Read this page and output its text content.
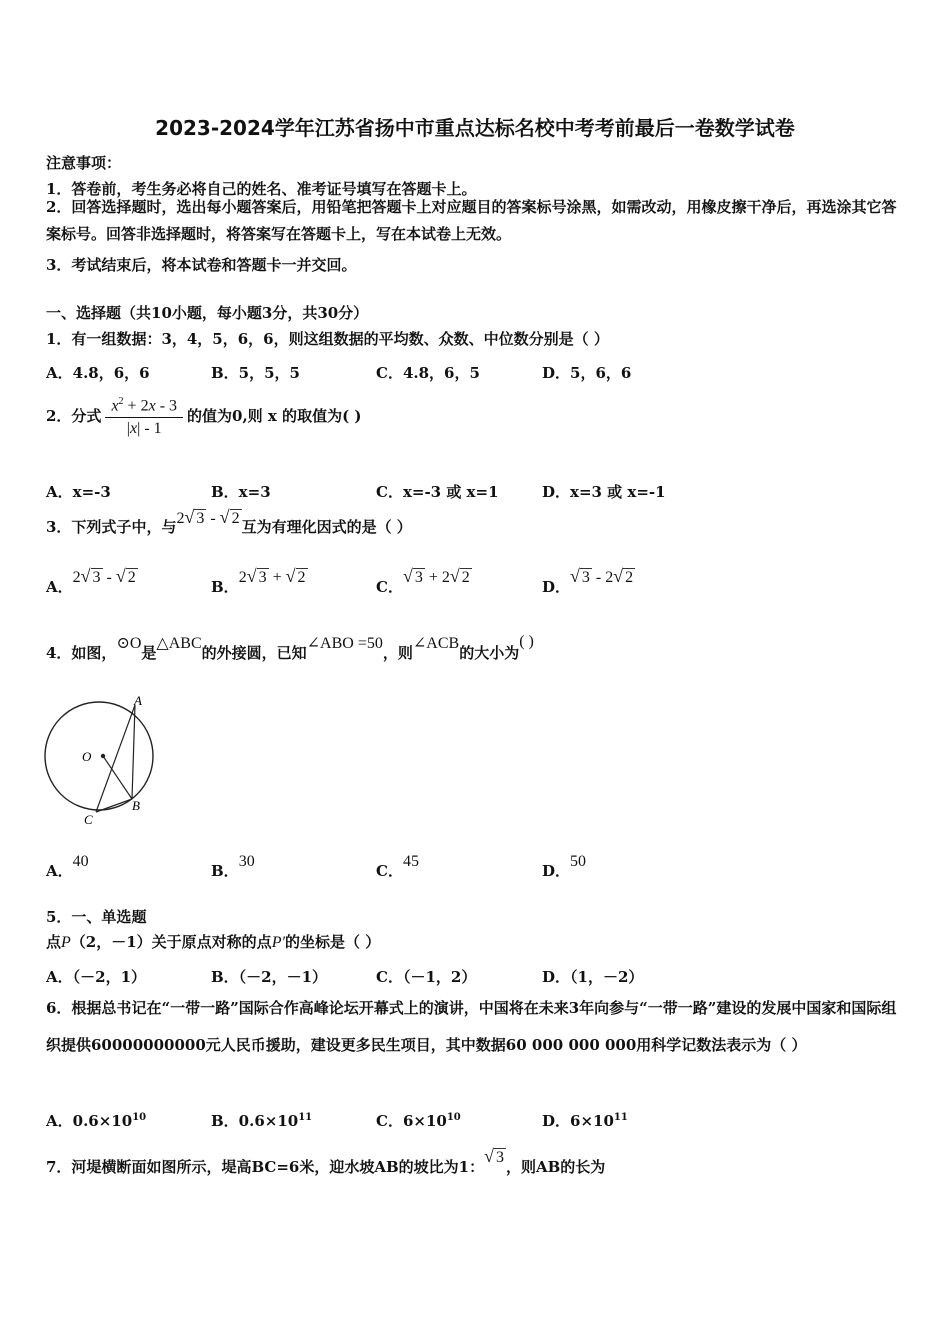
2023-2024学年江苏省扬中市重点达标名校中考考前最后一卷数学试卷
注意事项：
1．答卷前，考生务必将自己的姓名、准考证号填写在答题卡上。
2．回答选择题时，选出每小题答案后，用铅笔把答题卡上对应题目的答案标号涂黑，如需改动，用橡皮擦干净后，再选涂其它答案标号。回答非选择题时，将答案写在答题卡上，写在本试卷上无效。
3．考试结束后，将本试卷和答题卡一并交回。
一、选择题（共10小题，每小题3分，共30分）
1．有一组数据：3，4，5，6，6，则这组数据的平均数、众数、中位数分别是（ ）
A．4.8，6，6	B．5，5，5	C．4.8，6，5	D．5，6，6
2．分式 $\frac{x^2 + 2x - 3}{|x| - 1}$ 的值为0,则 x 的取值为( )
A．x=-3	B．x=3	C．x=-3 或 x=1	D．x=3 或 x=-1
3．下列式子中，与2√ 3 - √ 2 互为有理化因式的是（ ）
A．2√ 3 - √ 2
B．2√ 3 + √ 2
C．√ 3 + 2√ 2
D．√ 3 - 2√ 2
4．如图，⊙O是△ABC的外接圆，已知∠ABO =50，则∠ACB的大小为( )
A
B
C
O
A．40
B．30
C．45
D．50
5．一、单选题
点P（2，－1）关于原点对称的点P′的坐标是（ ）
A．（－2，1）	B．（－2，－1）	C．（－1，2）	D．（1，－2）
6．根据总书记在“一带一路”国际合作高峰论坛开幕式上的演讲，中国将在未来3年向参与“一带一路”建设的发展中国家和国际组织提供60000000000元人民币援助，建设更多民生项目，其中数据60 000 000 000用科学记数法表示为（ ）
A．$0.6\times 10^{10}$	B．$0.6\times 10^{11}$	C．$6\times 10^{10}$	D．$6\times 10^{11}$
7．河堤横断面如图所示，堤高BC=6米，迎水坡AB的坡比为1：√ 3，则AB的长为
